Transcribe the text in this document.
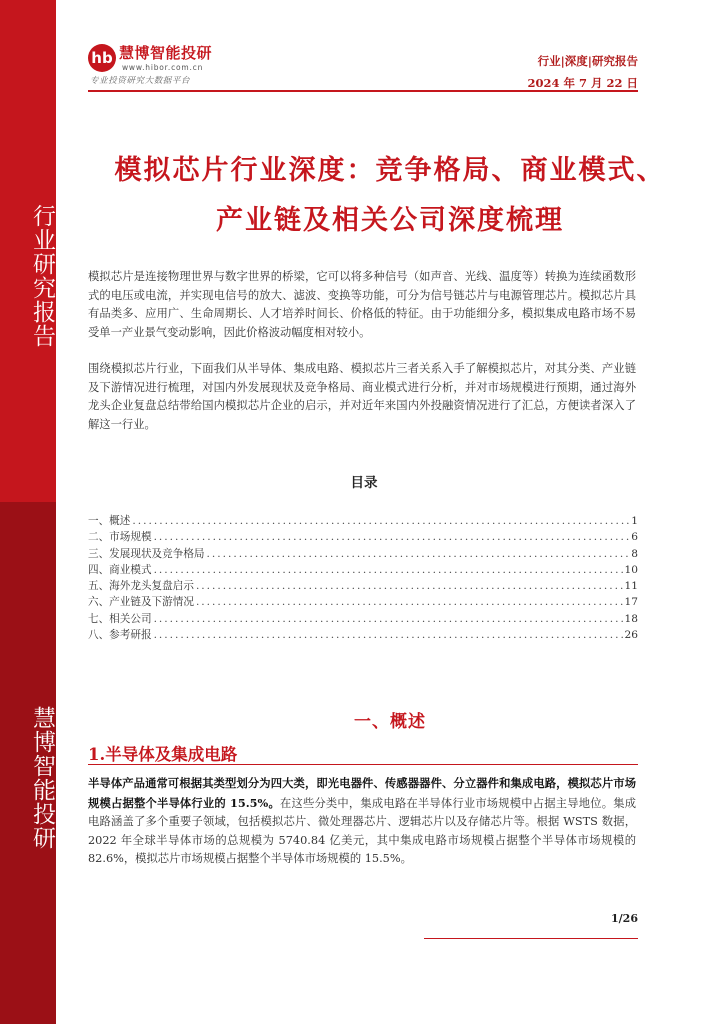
行业研究报告
慧博智能投研
hb 慧博智能投研
www.hibor.com.cn
专业投资研究大数据平台
行业|深度|研究报告
2024 年 7 月 22 日
模拟芯片行业深度：竞争格局、商业模式、
产业链及相关公司深度梳理
模拟芯片是连接物理世界与数字世界的桥梁，它可以将多种信号（如声音、光线、温度等）转换为连续函数形式的电压或电流，并实现电信号的放大、滤波、变换等功能，可分为信号链芯片与电源管理芯片。模拟芯片具有品类多、应用广、生命周期长、人才培养时间长、价格低的特征。由于功能细分多，模拟集成电路市场不易受单一产业景气变动影响，因此价格波动幅度相对较小。
围绕模拟芯片行业，下面我们从半导体、集成电路、模拟芯片三者关系入手了解模拟芯片，对其分类、产业链及下游情况进行梳理，对国内外发展现状及竞争格局、商业模式进行分析，并对市场规模进行预期，通过海外龙头企业复盘总结带给国内模拟芯片企业的启示，并对近年来国内外投融资情况进行了汇总，方便读者深入了解这一行业。
目录
一、概述 .....	1
二、市场规模 .....	6
三、发展现状及竞争格局 .....	8
四、商业模式 .....	10
五、海外龙头复盘启示 .....	11
六、产业链及下游情况 .....	17
七、相关公司 .....	18
八、参考研报 .....	26
一、概述
1.半导体及集成电路
半导体产品通常可根据其类型划分为四大类，即光电器件、传感器器件、分立器件和集成电路，模拟芯片市场规模占据整个半导体行业的 15.5%。在这些分类中，集成电路在半导体行业市场规模中占据主导地位。集成电路涵盖了多个重要子领域，包括模拟芯片、微处理器芯片、逻辑芯片以及存储芯片等。根据 WSTS 数据，2022 年全球半导体市场的总规模为 5740.84 亿美元，其中集成电路市场规模占据整个半导体市场规模的 82.6%，模拟芯片市场规模占据整个半导体市场规模的 15.5%。
1/26
